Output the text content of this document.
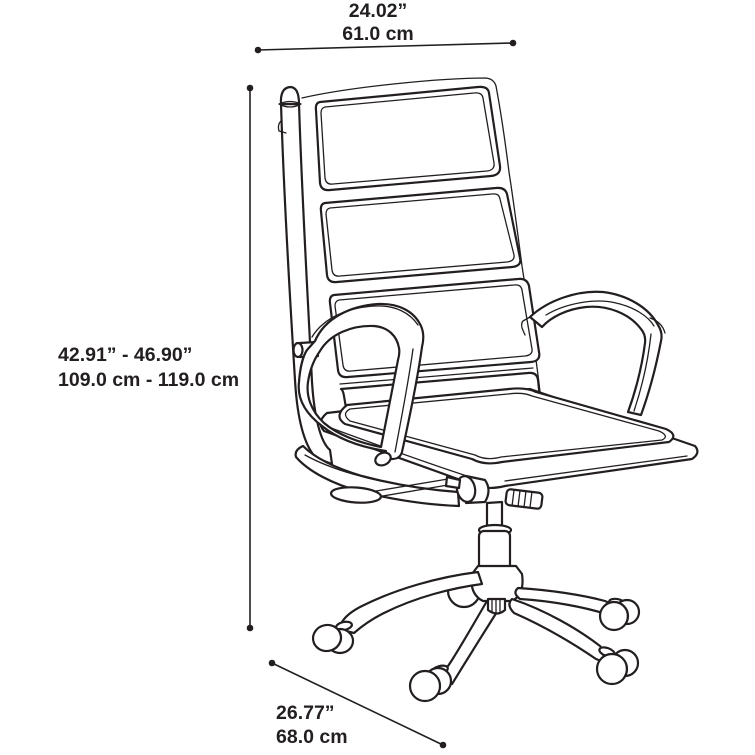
24.02”
61.0 cm
42.91” - 46.90”
109.0 cm - 119.0 cm
26.77”
68.0 cm
